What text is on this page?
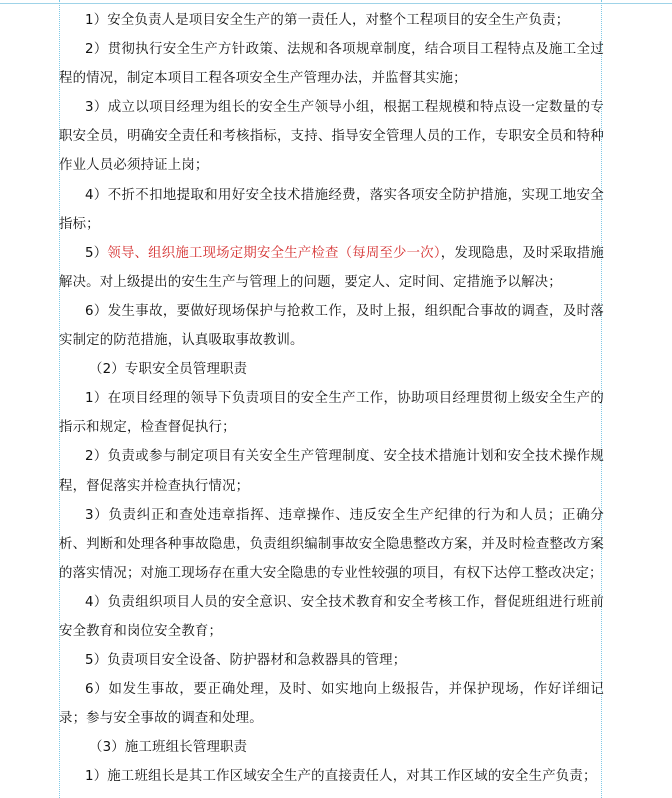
1）安全负责人是项目安全生产的第一责任人，对整个工程项目的安全生产负责；

2）贯彻执行安全生产方针政策、法规和各项规章制度，结合项目工程特点及施工全过程的情况，制定本项目工程各项安全生产管理办法，并监督其实施；

3）成立以项目经理为组长的安全生产领导小组，根据工程规模和特点设一定数量的专职安全员，明确安全责任和考核指标，支持、指导安全管理人员的工作，专职安全员和特种作业人员必须持证上岗；

4）不折不扣地提取和用好安全技术措施经费，落实各项安全防护措施，实现工地安全指标；

5）领导、组织施工现场定期安全生产检查（每周至少一次），发现隐患，及时采取措施解决。对上级提出的安生生产与管理上的问题，要定人、定时间、定措施予以解决；

6）发生事故，要做好现场保护与抢救工作，及时上报，组织配合事故的调查，及时落实制定的防范措施，认真吸取事故教训。

（2）专职安全员管理职责

1）在项目经理的领导下负责项目的安全生产工作，协助项目经理贯彻上级安全生产的指示和规定，检查督促执行；

2）负责或参与制定项目有关安全生产管理制度、安全技术措施计划和安全技术操作规程，督促落实并检查执行情况；

3）负责纠正和查处违章指挥、违章操作、违反安全生产纪律的行为和人员；正确分析、判断和处理各种事故隐患，负责组织编制事故安全隐患整改方案，并及时检查整改方案的落实情况；对施工现场存在重大安全隐患的专业性较强的项目，有权下达停工整改决定；

4）负责组织项目人员的安全意识、安全技术教育和安全考核工作，督促班组进行班前安全教育和岗位安全教育；

5）负责项目安全设备、防护器材和急救器具的管理；

6）如发生事故，要正确处理，及时、如实地向上级报告，并保护现场，作好详细记录；参与安全事故的调查和处理。

（3）施工班组长管理职责

1）施工班组长是其工作区域安全生产的直接责任人，对其工作区域的安全生产负责；
